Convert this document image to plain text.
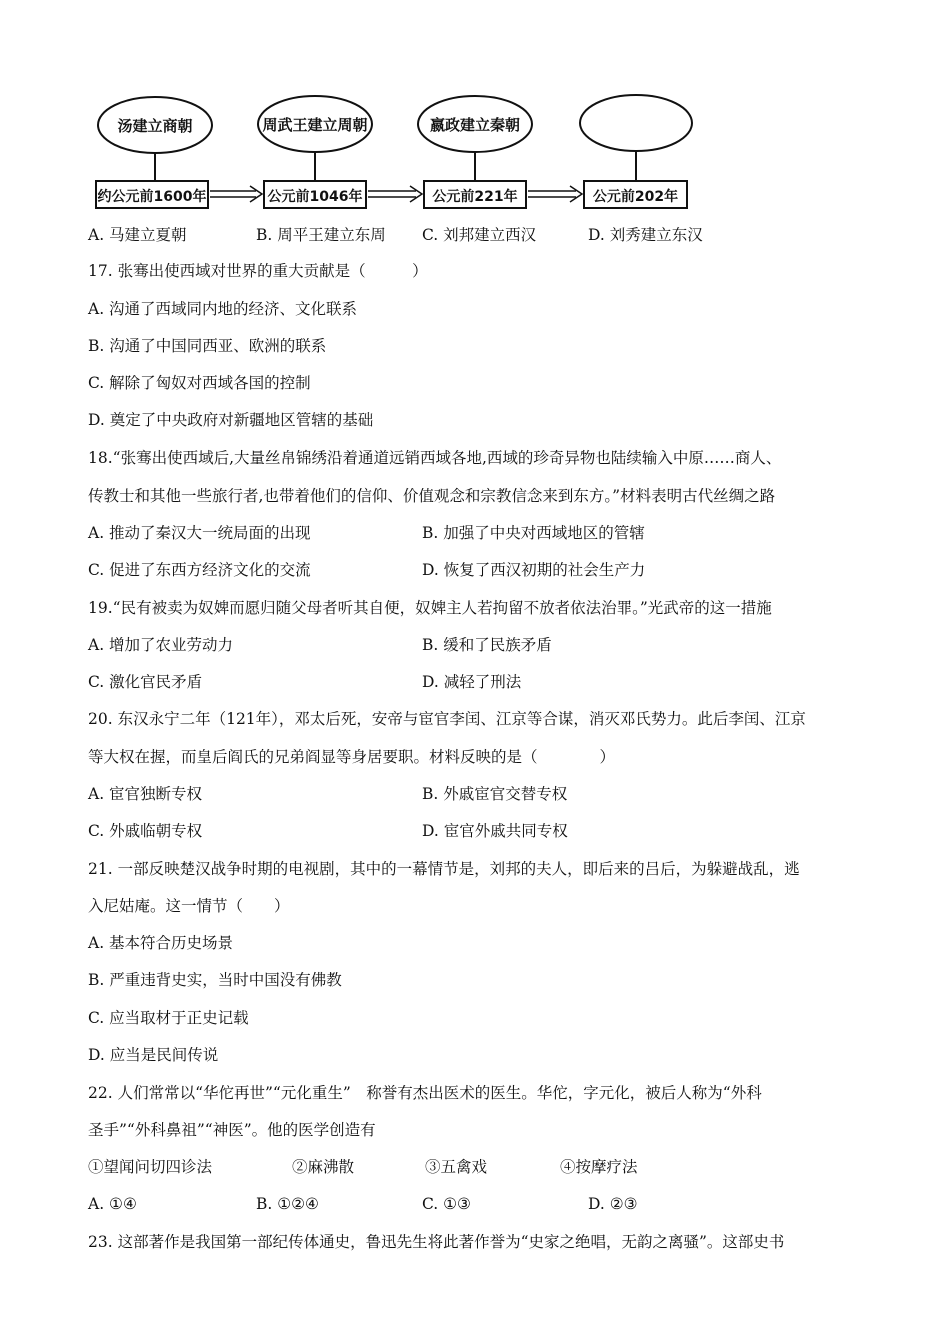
汤建立商朝	周武王建立周朝	嬴政建立秦朝
约公元前1600年	公元前1046年	公元前221年	公元前202年
A. 马建立夏朝	B. 周平王建立东周 C. 刘邦建立西汉	D. 刘秀建立东汉
17. 张骞出使西域对世界的重大贡献是（　　　）
A. 沟通了西域同内地的经济、文化联系
B. 沟通了中国同西亚、欧洲的联系
C. 解除了匈奴对西域各国的控制
D. 奠定了中央政府对新疆地区管辖的基础
18.“张骞出使西域后,大量丝帛锦绣沿着通道远销西域各地,西域的珍奇异物也陆续输入中原……商人、
传教士和其他一些旅行者,也带着他们的信仰、价值观念和宗教信念来到东方。”材料表明古代丝绸之路
A. 推动了秦汉大一统局面的出现	B. 加强了中央对西域地区的管辖
C. 促进了东西方经济文化的交流	D. 恢复了西汉初期的社会生产力
19.“民有被卖为奴婢而愿归随父母者听其自便，奴婢主人若拘留不放者依法治罪。”光武帝的这一措施
A. 增加了农业劳动力	B. 缓和了民族矛盾
C. 激化官民矛盾	D. 减轻了刑法
20. 东汉永宁二年（121年），邓太后死，安帝与宦官李闰、江京等合谋，消灭邓氏势力。此后李闰、江京
等大权在握，而皇后阎氏的兄弟阎显等身居要职。材料反映的是（　　　　）
A. 宦官独断专权	B. 外戚宦官交替专权
C. 外戚临朝专权	D. 宦官外戚共同专权
21. 一部反映楚汉战争时期的电视剧，其中的一幕情节是，刘邦的夫人，即后来的吕后，为躲避战乱，逃
入尼姑庵。这一情节（　　）
A. 基本符合历史场景
B. 严重违背史实，当时中国没有佛教
C. 应当取材于正史记载
D. 应当是民间传说
22. 人们常常以“华佗再世”“元化重生”　称誉有杰出医术的医生。华佗，字元化，被后人称为“外科
圣手”“外科鼻祖”“神医”。他的医学创造有
①望闻问切四诊法	②麻沸散	③五禽戏	④按摩疗法
A. ①④	B. ①②④	C. ①③	D. ②③
23. 这部著作是我国第一部纪传体通史，鲁迅先生将此著作誉为“史家之绝唱，无韵之离骚”。这部史书
